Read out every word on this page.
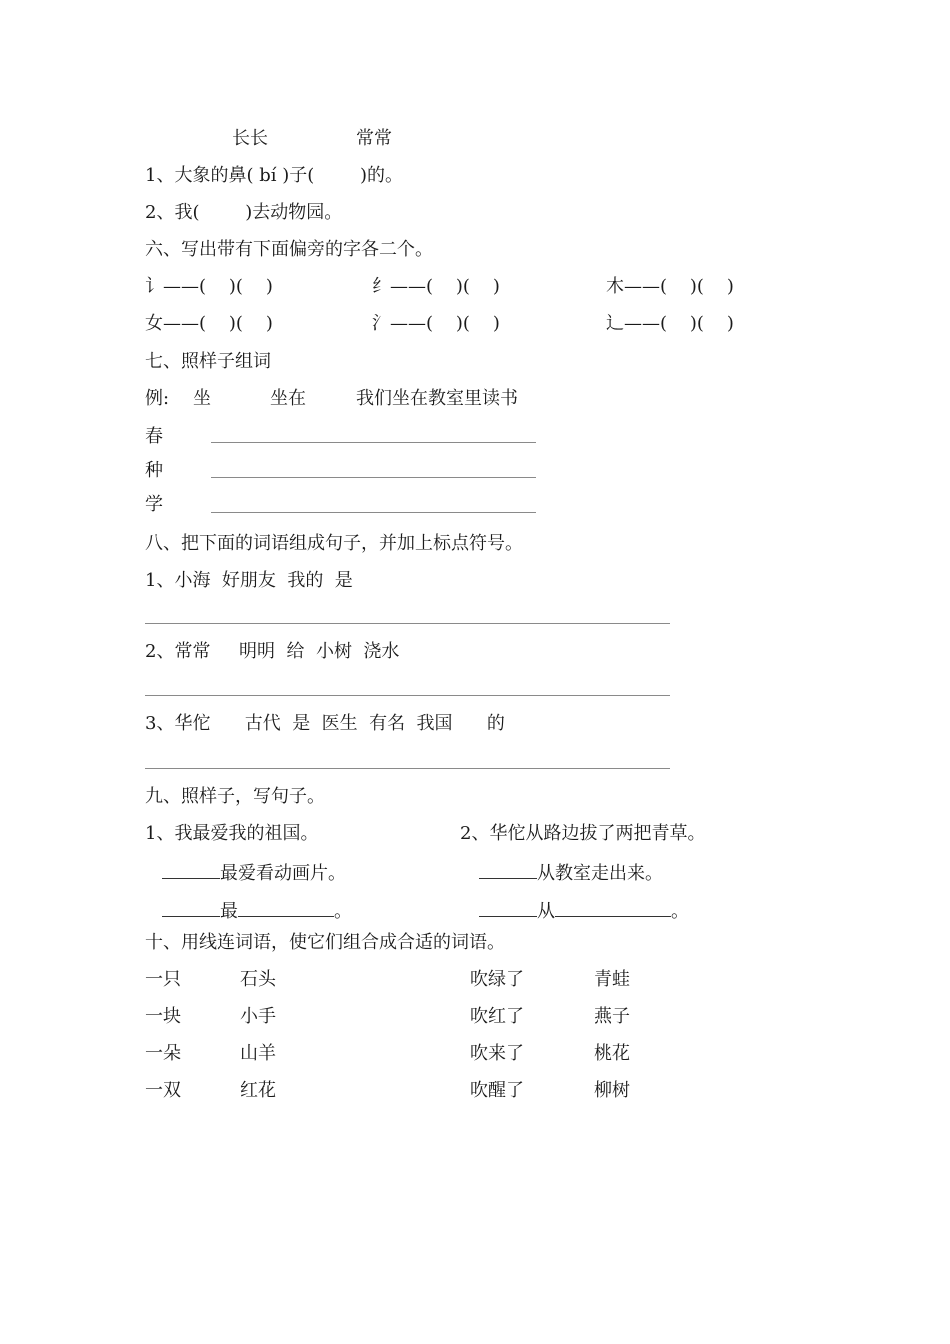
长长	常常
1、大象的鼻( bí )子(        )的。
2、我(        )去动物园。
六、写出带有下面偏旁的字各二个。
讠——(    )(    )	纟——(    )(    )	木——(    )(    )
女——(    )(    )	氵——(    )(    )	辶——(    )(    )
七、照样子组词
例: 坐	坐在	我们坐在教室里读书
春
种
学
八、把下面的词语组成句子，并加上标点符号。
1、小海  好朋友  我的  是
2、常常     明明  给  小树  浇水
3、华佗      古代  是  医生  有名  我国      的
九、照样子，写句子。
1、我最爱我的祖国。	2、华佗从路边拔了两把青草。
最爱看动画片。	从教室走出来。
最	。	从	。
十、用线连词语，使它们组合成合适的词语。
一只	石头	吹绿了	青蛙
一块	小手	吹红了	燕子
一朵	山羊	吹来了	桃花
一双	红花	吹醒了	柳树
